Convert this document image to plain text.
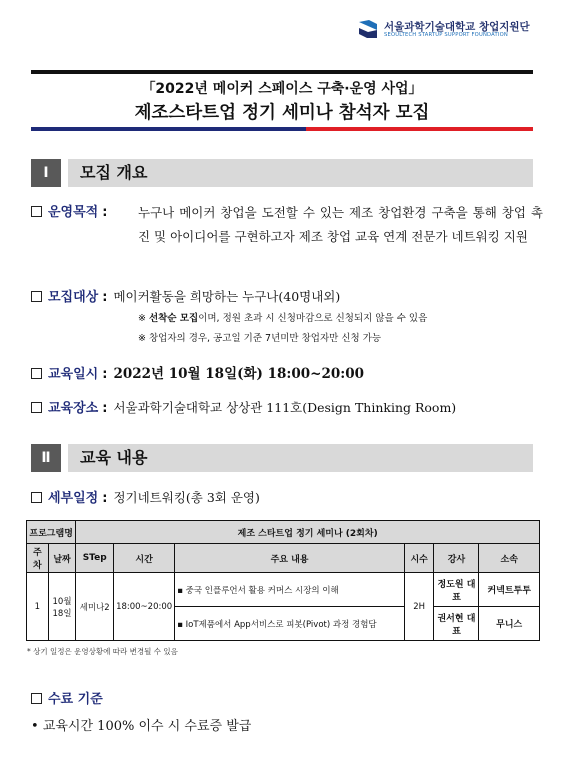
서울과학기술대학교 창업지원단
SEOULTECH STARTUP SUPPORT FOUNDATION
「2022년 메이커 스페이스 구축·운영 사업」
제조스타트업 정기 세미나 참석자 모집
Ⅰ	모집 개요
운영목적 :	누구나 메이커 창업을 도전할 수 있는 제조 창업환경 구축을 통해 창업 촉진 및 아이디어를 구현하고자 제조 창업 교육 연계 전문가 네트워킹 지원
모집대상 : 메이커활동을 희망하는 누구나(40명내외)
※ 선착순 모집이며, 정원 초과 시 신청마감으로 신청되지 않을 수 있음
※ 창업자의 경우, 공고일 기준 7년미만 창업자만 신청 가능
교육일시 : 2022년 10월 18일(화) 18:00~20:00
교육장소 : 서울과학기술대학교 상상관 111호(Design Thinking Room)
Ⅱ	교육 내용
세부일정 : 정기네트워킹(총 3회 운영)
프로그램명		제조 스타트업 정기 세미나 (2회차)					
주차	날짜	STep	시간	주요 내용	시수	강사	소속
1	10월 18일	세미나2	18:00~20:00	▪ 중국 인플루언서 활용 커머스 시장의 이해	2H	정도원 대표	커넥트투투
				▪ IoT제품에서 App서비스로 피봇(Pivot) 과정 경험담		권서현 대표	무니스
* 상기 일정은 운영상황에 따라 변경될 수 있음
수료 기준
• 교육시간 100% 이수 시 수료증 발급
